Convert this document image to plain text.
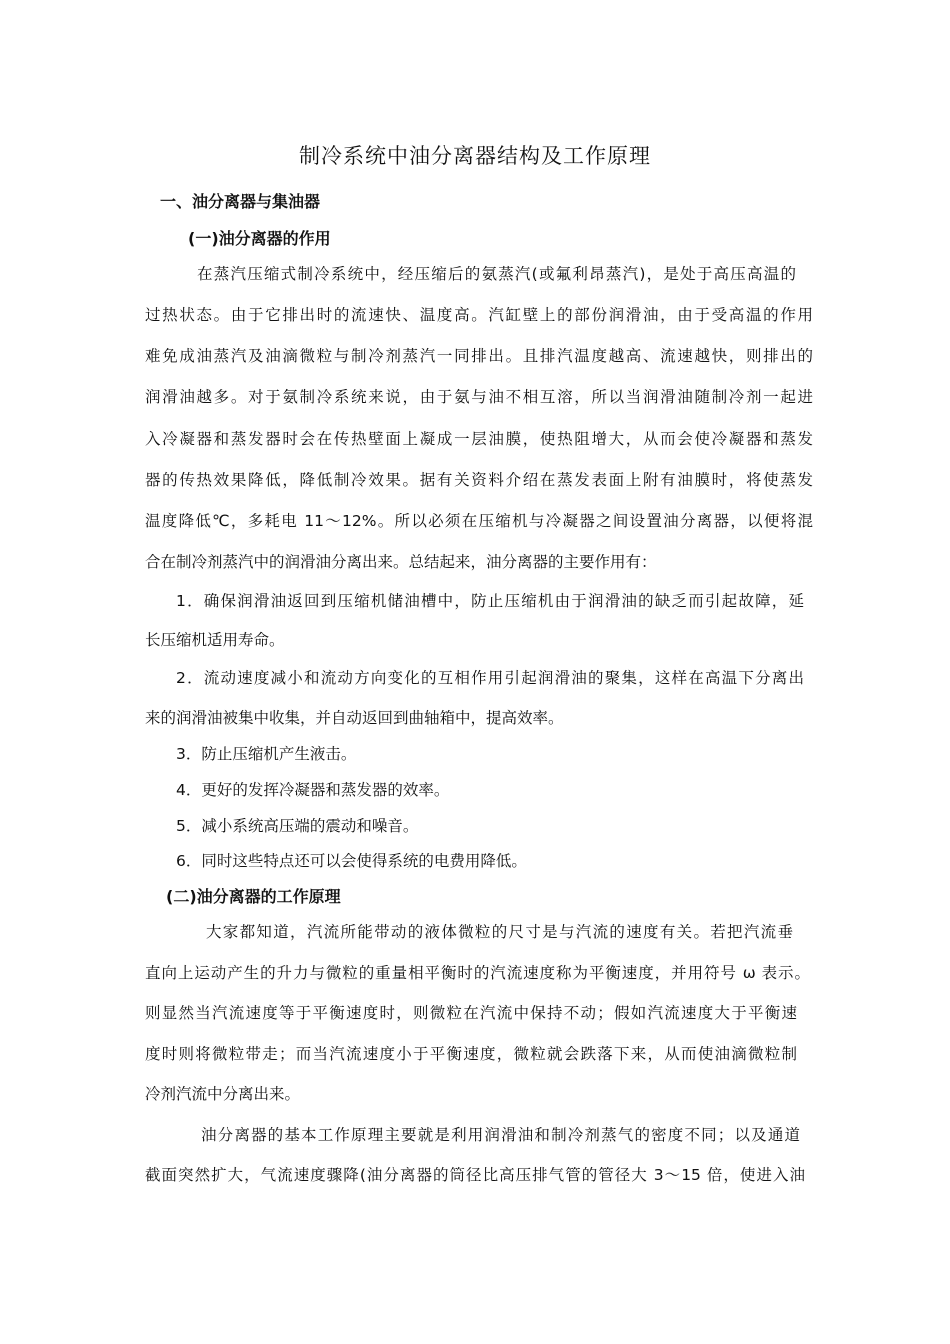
制冷系统中油分离器结构及工作原理
一、油分离器与集油器
(一)油分离器的作用
在蒸汽压缩式制冷系统中，经压缩后的氨蒸汽(或氟利昂蒸汽)，是处于高压高温的
过热状态。由于它排出时的流速快、温度高。汽缸壁上的部份润滑油，由于受高温的作用
难免成油蒸汽及油滴微粒与制冷剂蒸汽一同排出。且排汽温度越高、流速越快，则排出的
润滑油越多。对于氨制冷系统来说，由于氨与油不相互溶，所以当润滑油随制冷剂一起进
入冷凝器和蒸发器时会在传热壁面上凝成一层油膜，使热阻增大，从而会使冷凝器和蒸发
器的传热效果降低，降低制冷效果。据有关资料介绍在蒸发表面上附有油膜时，将使蒸发
温度降低℃，多耗电 11～12%。所以必须在压缩机与冷凝器之间设置油分离器，以便将混
合在制冷剂蒸汽中的润滑油分离出来。总结起来，油分离器的主要作用有：
1．确保润滑油返回到压缩机储油槽中，防止压缩机由于润滑油的缺乏而引起故障，延
长压缩机适用寿命。
2．流动速度减小和流动方向变化的互相作用引起润滑油的聚集，这样在高温下分离出
来的润滑油被集中收集，并自动返回到曲轴箱中，提高效率。
3．防止压缩机产生液击。
4．更好的发挥冷凝器和蒸发器的效率。
5．减小系统高压端的震动和噪音。
6．同时这些特点还可以会使得系统的电费用降低。
(二)油分离器的工作原理
大家都知道，汽流所能带动的液体微粒的尺寸是与汽流的速度有关。若把汽流垂
直向上运动产生的升力与微粒的重量相平衡时的汽流速度称为平衡速度，并用符号 ω 表示。
则显然当汽流速度等于平衡速度时，则微粒在汽流中保持不动；假如汽流速度大于平衡速
度时则将微粒带走；而当汽流速度小于平衡速度，微粒就会跌落下来，从而使油滴微粒制
冷剂汽流中分离出来。
油分离器的基本工作原理主要就是利用润滑油和制冷剂蒸气的密度不同；以及通道
截面突然扩大，气流速度骤降(油分离器的筒径比高压排气管的管径大 3～15 倍，使进入油
